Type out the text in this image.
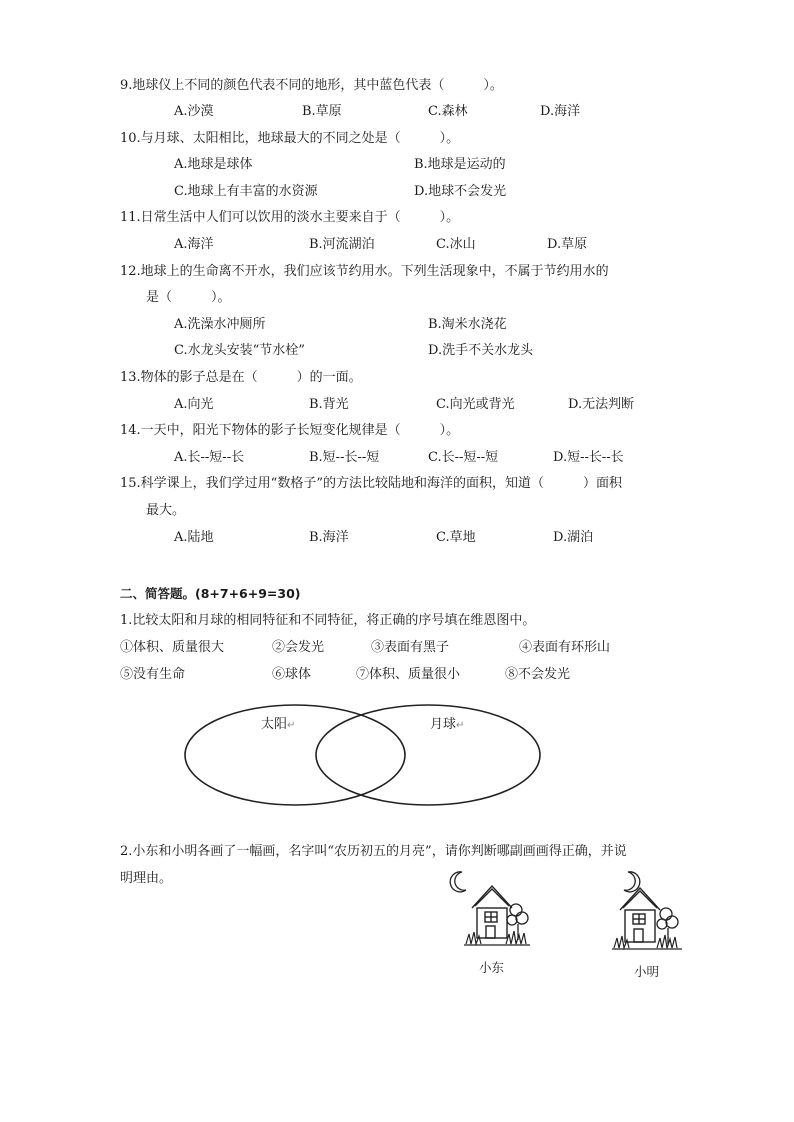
9.地球仪上不同的颜色代表不同的地形，其中蓝色代表（　　　）。
A.沙漠	B.草原	C.森林	D.海洋
10.与月球、太阳相比，地球最大的不同之处是（　　　）。
A.地球是球体	B.地球是运动的
C.地球上有丰富的水资源	D.地球不会发光
11.日常生活中人们可以饮用的淡水主要来自于（　　　）。
A.海洋	B.河流湖泊	C.冰山	D.草原
12.地球上的生命离不开水，我们应该节约用水。下列生活现象中，不属于节约用水的
是（　　　）。
A.洗澡水冲厕所	B.淘米水浇花
C.水龙头安装“节水栓”	D.洗手不关水龙头
13.物体的影子总是在（　　　）的一面。
A.向光	B.背光	C.向光或背光	D.无法判断
14.一天中，阳光下物体的影子长短变化规律是（　　　）。
A.长--短--长	B.短--长--短	C.长--短--短	D.短--长--长
15.科学课上，我们学过用“数格子”的方法比较陆地和海洋的面积，知道（　　　）面积
最大。
A.陆地	B.海洋	C.草地	D.湖泊
二、简答题。(8+7+6+9=30)
1.比较太阳和月球的相同特征和不同特征，将正确的序号填在维恩图中。
①体积、质量很大	②会发光	③表面有黑子	④表面有环形山
⑤没有生命	⑥球体	⑦体积、质量很小	⑧不会发光
太阳↵	月球↵
2.小东和小明各画了一幅画，名字叫“农历初五的月亮”，请你判断哪副画画得正确，并说
明理由。
小东	小明
